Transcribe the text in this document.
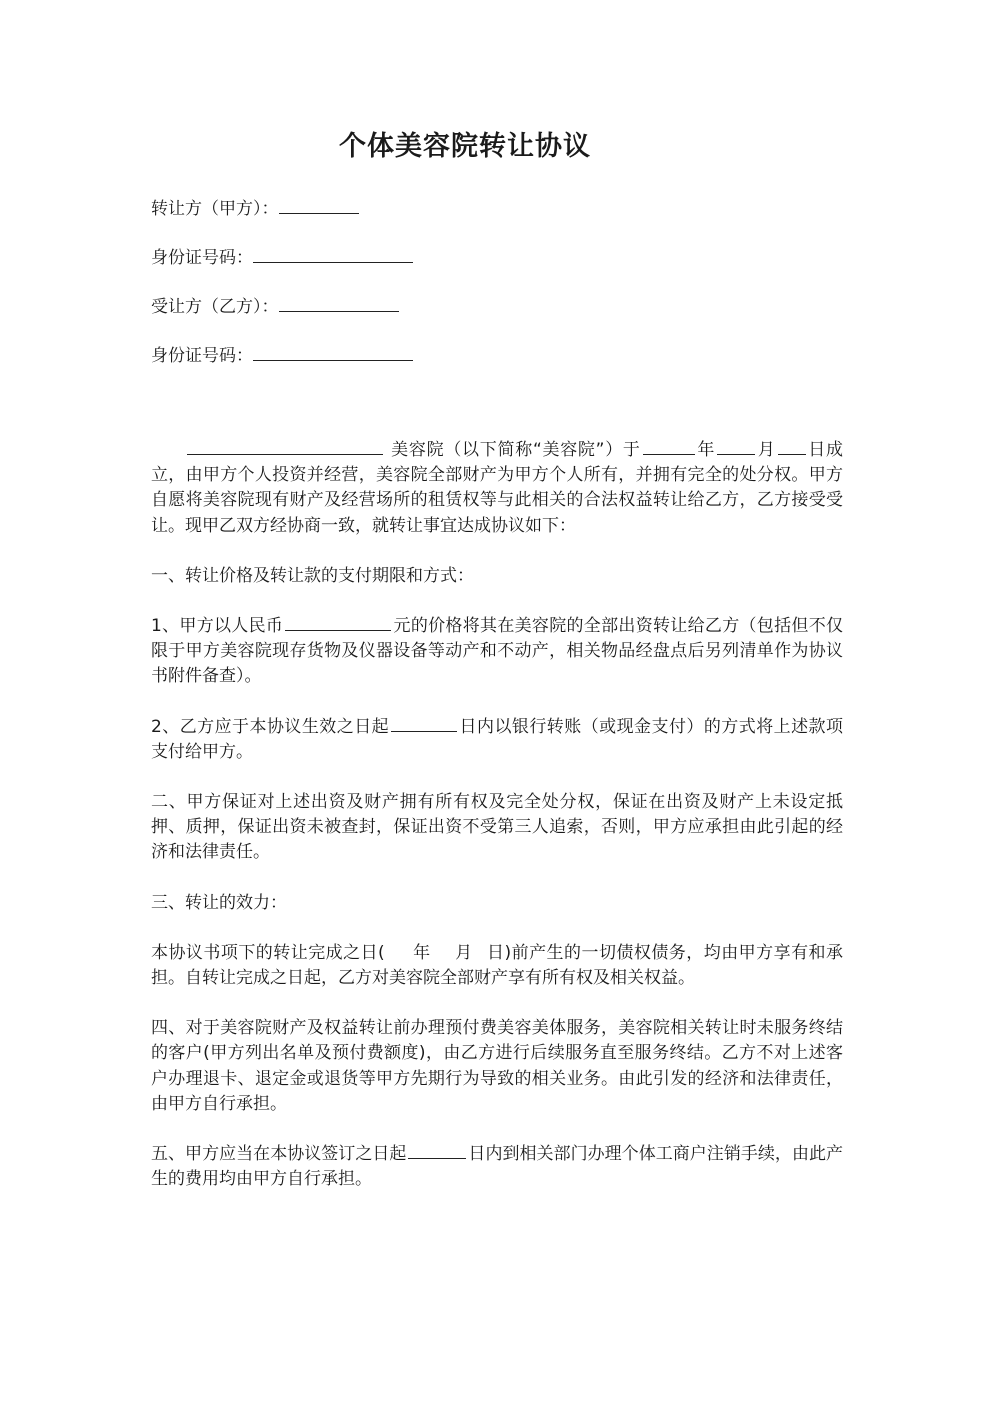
个体美容院转让协议
转让方（甲方）：
身份证号码：
受让方（乙方）：
身份证号码：

美容院（以下简称“美容院”）于	年 月 日成立，由甲方个人投资并经营，美容院全部财产为甲方个人所有，并拥有完全的处分权。甲方自愿将美容院现有财产及经营场所的租赁权等与此相关的合法权益转让给乙方，乙方接受受让。现甲乙双方经协商一致，就转让事宜达成协议如下：

一、转让价格及转让款的支付期限和方式：

1、甲方以人民币	元的价格将其在美容院的全部出资转让给乙方（包括但不仅限于甲方美容院现存货物及仪器设备等动产和不动产，相关物品经盘点后另列清单作为协议书附件备查）。

2、乙方应于本协议生效之日起	日内以银行转账（或现金支付）的方式将上述款项支付给甲方。

二、甲方保证对上述出资及财产拥有所有权及完全处分权，保证在出资及财产上未设定抵押、质押，保证出资未被查封，保证出资不受第三人追索，否则，甲方应承担由此引起的经济和法律责任。

三、转让的效力：

本协议书项下的转让完成之日( 年 月 日)前产生的一切债权债务，均由甲方享有和承担。自转让完成之日起，乙方对美容院全部财产享有所有权及相关权益。

四、对于美容院财产及权益转让前办理预付费美容美体服务，美容院相关转让时未服务终结的客户(甲方列出名单及预付费额度)，由乙方进行后续服务直至服务终结。乙方不对上述客户办理退卡、退定金或退货等甲方先期行为导致的相关业务。由此引发的经济和法律责任，由甲方自行承担。

五、甲方应当在本协议签订之日起	日内到相关部门办理个体工商户注销手续，由此产生的费用均由甲方自行承担。
